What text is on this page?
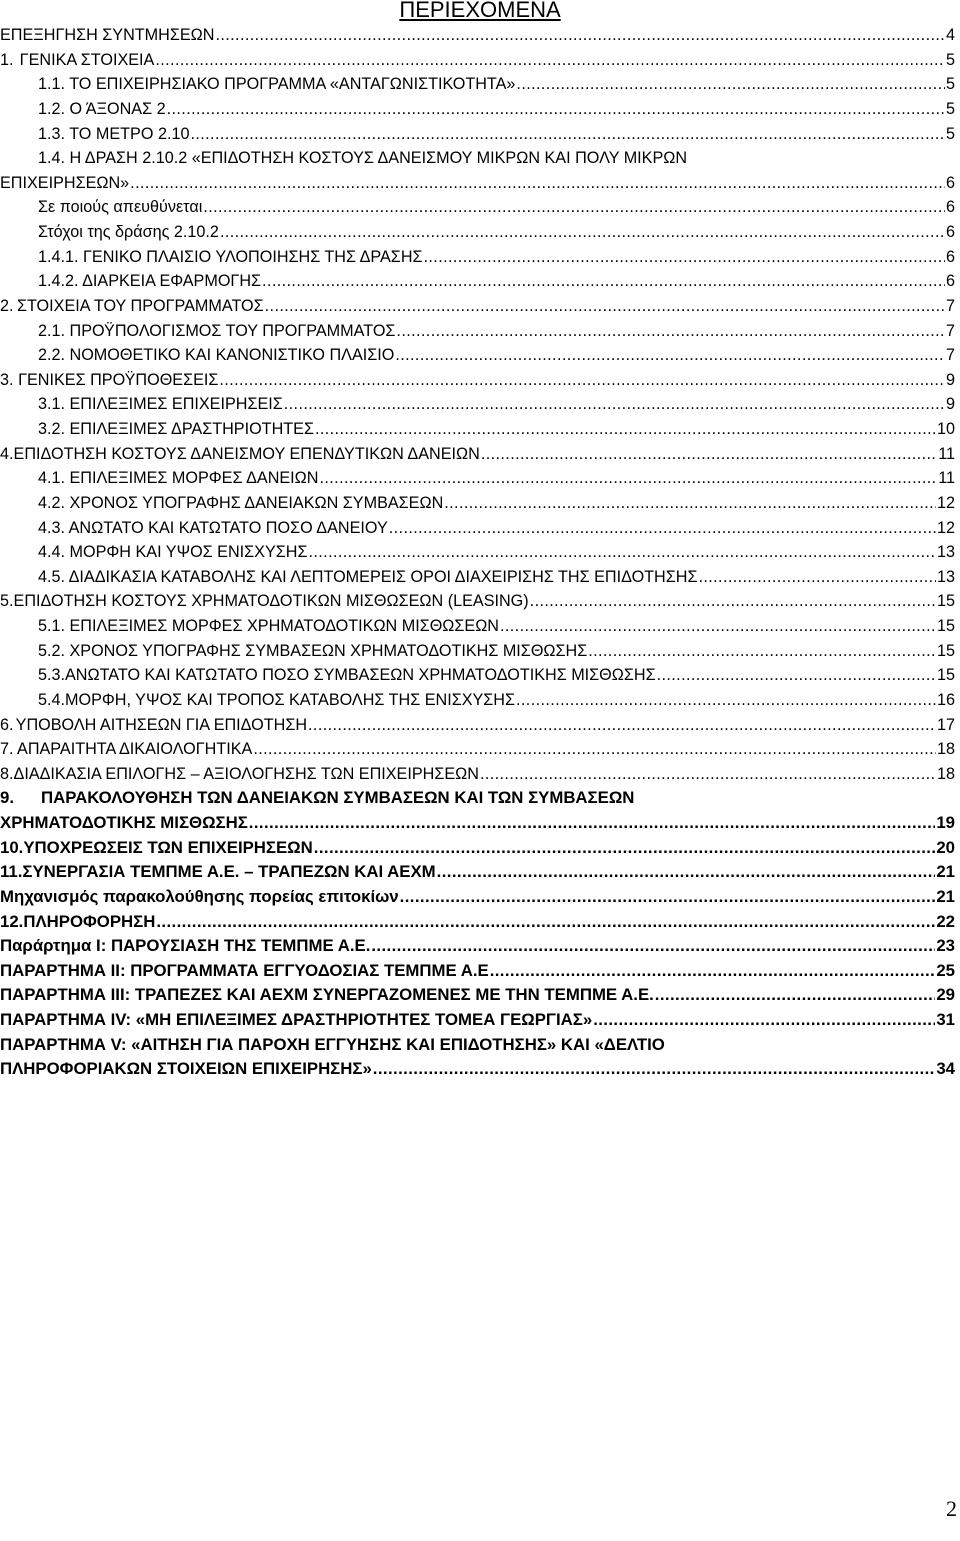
ΠΕΡΙΕΧΟΜΕΝΑ
ΕΠΕΞΗΓΗΣΗ ΣΥΝΤΜΗΣΕΩΝ .....	4
1. ΓΕΝΙΚΑ ΣΤΟΙΧΕΙΑ .....	5
1.1. ΤΟ ΕΠΙΧΕΙΡΗΣΙΑΚΟ ΠΡΟΓΡΑΜΜΑ «ΑΝΤΑΓΩΝΙΣΤΙΚΟΤΗΤΑ» .....	5
1.2. Ο ΆΞΟΝΑΣ 2 .....	5
1.3. ΤΟ ΜΕΤΡΟ 2.10 .....	5
1.4. Η ΔΡΑΣΗ 2.10.2 «ΕΠΙΔΟΤΗΣΗ ΚΟΣΤΟΥΣ ΔΑΝΕΙΣΜΟΥ ΜΙΚΡΩΝ ΚΑΙ ΠΟΛΥ ΜΙΚΡΩΝ
ΕΠΙΧΕΙΡΗΣΕΩΝ» .....	6
Σε ποιούς απευθύνεται .....	6
Στόχοι της δράσης 2.10.2 .....	6
1.4.1. ΓΕΝΙΚΟ ΠΛΑΙΣΙΟ ΥΛΟΠΟΙΗΣΗΣ ΤΗΣ ΔΡΑΣΗΣ .....	6
1.4.2. ΔΙΑΡΚΕΙΑ ΕΦΑΡΜΟΓΗΣ .....	6
2. ΣΤΟΙΧΕΙΑ ΤΟΥ ΠΡΟΓΡΑΜΜΑΤΟΣ .....	7
2.1. ΠΡΟΫΠΟΛΟΓΙΣΜΟΣ ΤΟΥ ΠΡΟΓΡΑΜΜΑΤΟΣ .....	7
2.2. ΝΟΜΟΘΕΤΙΚΟ ΚΑΙ ΚΑΝΟΝΙΣΤΙΚΟ ΠΛΑΙΣΙΟ .....	7
3. ΓΕΝΙΚΕΣ ΠΡΟΫΠΟΘΕΣΕΙΣ .....	9
3.1. ΕΠΙΛΕΞΙΜΕΣ ΕΠΙΧΕΙΡΗΣΕΙΣ .....	9
3.2. ΕΠΙΛΕΞΙΜΕΣ ΔΡΑΣΤΗΡΙΟΤΗΤΕΣ .....	10
4. ΕΠΙΔΟΤΗΣΗ ΚΟΣΤΟΥΣ ΔΑΝΕΙΣΜΟΥ ΕΠΕΝΔΥΤΙΚΩΝ ΔΑΝΕΙΩΝ .....	11
4.1. ΕΠΙΛΕΞΙΜΕΣ ΜΟΡΦΕΣ ΔΑΝΕΙΩΝ .....	11
4.2. ΧΡΟΝΟΣ ΥΠΟΓΡΑΦΗΣ ΔΑΝΕΙΑΚΩΝ ΣΥΜΒΑΣΕΩΝ .....	12
4.3. ΑΝΩΤΑΤΟ ΚΑΙ ΚΑΤΩΤΑΤΟ ΠΟΣΟ ΔΑΝΕΙΟΥ .....	12
4.4. ΜΟΡΦΗ ΚΑΙ ΥΨΟΣ ΕΝΙΣΧΥΣΗΣ .....	13
4.5. ΔΙΑΔΙΚΑΣΙΑ ΚΑΤΑΒΟΛΗΣ ΚΑΙ ΛΕΠΤΟΜΕΡΕΙΣ ΟΡΟΙ ΔΙΑΧΕΙΡΙΣΗΣ ΤΗΣ ΕΠΙΔΟΤΗΣΗΣ .....	13
5. ΕΠΙΔΟΤΗΣΗ ΚΟΣΤΟΥΣ ΧΡΗΜΑΤΟΔΟΤΙΚΩΝ ΜΙΣΘΩΣΕΩΝ (LEASING) .....	15
5.1. ΕΠΙΛΕΞΙΜΕΣ ΜΟΡΦΕΣ ΧΡΗΜΑΤΟΔΟΤΙΚΩΝ ΜΙΣΘΩΣΕΩΝ .....	15
5.2. ΧΡΟΝΟΣ ΥΠΟΓΡΑΦΗΣ ΣΥΜΒΑΣΕΩΝ ΧΡΗΜΑΤΟΔΟΤΙΚΗΣ ΜΙΣΘΩΣΗΣ .....	15
5.3.ΑΝΩΤΑΤΟ ΚΑΙ ΚΑΤΩΤΑΤΟ ΠΟΣΟ ΣΥΜΒΑΣΕΩΝ ΧΡΗΜΑΤΟΔΟΤΙΚΗΣ ΜΙΣΘΩΣΗΣ .....	15
5.4.ΜΟΡΦΗ, ΥΨΟΣ ΚΑΙ ΤΡΟΠΟΣ ΚΑΤΑΒΟΛΗΣ ΤΗΣ ΕΝΙΣΧΥΣΗΣ .....	16
6. ΥΠΟΒΟΛΗ ΑΙΤΗΣΕΩΝ ΓΙΑ ΕΠΙΔΟΤΗΣΗ .....	17
7. ΑΠΑΡΑΙΤΗΤΑ ΔΙΚΑΙΟΛΟΓΗΤΙΚΑ .....	18
8. ΔΙΑΔΙΚΑΣΙΑ ΕΠΙΛΟΓΗΣ – ΑΞΙΟΛΟΓΗΣΗΣ ΤΩΝ ΕΠΙΧΕΙΡΗΣΕΩΝ .....	18
9. ΠΑΡΑΚΟΛΟΥΘΗΣΗ ΤΩΝ ΔΑΝΕΙΑΚΩΝ ΣΥΜΒΑΣΕΩΝ ΚΑΙ ΤΩΝ ΣΥΜΒΑΣΕΩΝ
ΧΡΗΜΑΤΟΔΟΤΙΚΗΣ ΜΙΣΘΩΣΗΣ .....	19
10. ΥΠΟΧΡΕΩΣΕΙΣ ΤΩΝ ΕΠΙΧΕΙΡΗΣΕΩΝ .....	20
11. ΣΥΝΕΡΓΑΣΙΑ ΤΕΜΠΜΕ Α.Ε. – ΤΡΑΠΕΖΩΝ ΚΑΙ ΑΕΧΜ .....	21
Μηχανισμός παρακολούθησης πορείας επιτοκίων .....	21
12. ΠΛΗΡΟΦΟΡΗΣΗ .....	22
Παράρτημα Ι: ΠΑΡΟΥΣΙΑΣΗ ΤΗΣ ΤΕΜΠΜΕ Α.Ε. .....	23
ΠΑΡΑΡΤΗΜΑ ΙΙ: ΠΡΟΓΡΑΜΜΑΤΑ ΕΓΓΥΟΔΟΣΙΑΣ ΤΕΜΠΜΕ Α.Ε .....	25
ΠΑΡΑΡΤΗΜΑ ΙΙΙ: ΤΡΑΠΕΖΕΣ ΚΑΙ ΑΕΧΜ ΣΥΝΕΡΓΑΖΟΜΕΝΕΣ ΜΕ ΤΗΝ ΤΕΜΠΜΕ Α.Ε. .....	29
ΠΑΡΑΡΤΗΜΑ IV: «ΜΗ ΕΠΙΛΕΞΙΜΕΣ ΔΡΑΣΤΗΡΙΟΤΗΤΕΣ ΤΟΜΕΑ ΓΕΩΡΓΙΑΣ» .....	31
ΠΑΡΑΡΤΗΜΑ V: «ΑΙΤΗΣΗ ΓΙΑ ΠΑΡΟΧΗ ΕΓΓΥΗΣΗΣ ΚΑΙ ΕΠΙΔΟΤΗΣΗΣ» ΚΑΙ «ΔΕΛΤΙΟ
ΠΛΗΡΟΦΟΡΙΑΚΩΝ ΣΤΟΙΧΕΙΩΝ ΕΠΙΧΕΙΡΗΣΗΣ» .....	34
2
